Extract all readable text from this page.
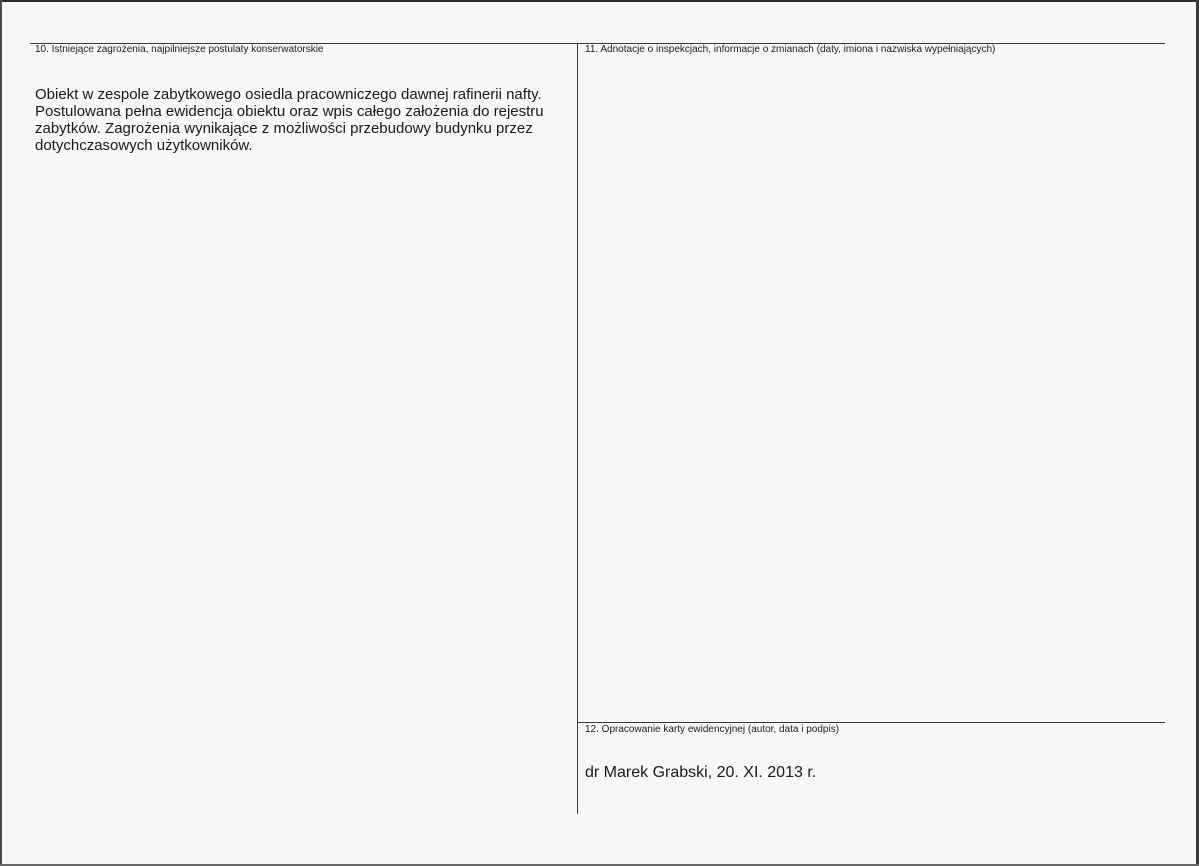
10. Istniejące zagrożenia, najpilniejsze postulaty konserwatorskie
Obiekt w zespole zabytkowego osiedla pracowniczego dawnej rafinerii nafty.
Postulowana pełna ewidencja obiektu oraz wpis całego założenia do rejestru
zabytków. Zagrożenia wynikające z możliwości przebudowy budynku przez
dotychczasowych użytkowników.
11. Adnotacje o inspekcjach, informacje o zmianach (daty, imiona i nazwiska wypełniających)
12. Opracowanie karty ewidencyjnej (autor, data i podpis)
dr Marek Grabski, 20. XI. 2013 r.
